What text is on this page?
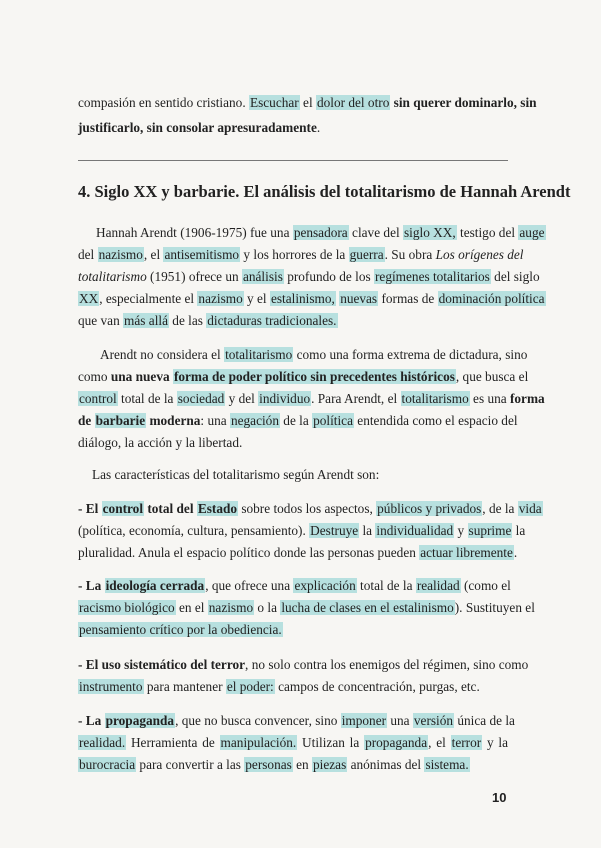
compasión en sentido cristiano. Escuchar el dolor del otro sin querer dominarlo, sin
justificarlo, sin consolar apresuradamente.
4. Siglo XX y barbarie. El análisis del totalitarismo de Hannah Arendt
Hannah Arendt (1906-1975) fue una pensadora clave del siglo XX, testigo del auge
del nazismo, el antisemitismo y los horrores de la guerra. Su obra Los orígenes del
totalitarismo (1951) ofrece un análisis profundo de los regímenes totalitarios del siglo
XX, especialmente el nazismo y el estalinismo, nuevas formas de dominación política
que van más allá de las dictaduras tradicionales.
Arendt no considera el totalitarismo como una forma extrema de dictadura, sino
como una nueva forma de poder político sin precedentes históricos, que busca el
control total de la sociedad y del individuo. Para Arendt, el totalitarismo es una forma
de barbarie moderna: una negación de la política entendida como el espacio del
diálogo, la acción y la libertad.
Las características del totalitarismo según Arendt son:
- El control total del Estado sobre todos los aspectos, públicos y privados, de la vida
(política, economía, cultura, pensamiento). Destruye la individualidad y suprime la
pluralidad. Anula el espacio político donde las personas pueden actuar libremente.
- La ideología cerrada, que ofrece una explicación total de la realidad (como el
racismo biológico en el nazismo o la lucha de clases en el estalinismo). Sustituyen el
pensamiento crítico por la obediencia.
- El uso sistemático del terror, no solo contra los enemigos del régimen, sino como
instrumento para mantener el poder: campos de concentración, purgas, etc.
- La propaganda, que no busca convencer, sino imponer una versión única de la
realidad. Herramienta de manipulación. Utilizan la propaganda, el terror y la
burocracia para convertir a las personas en piezas anónimas del sistema.
10
